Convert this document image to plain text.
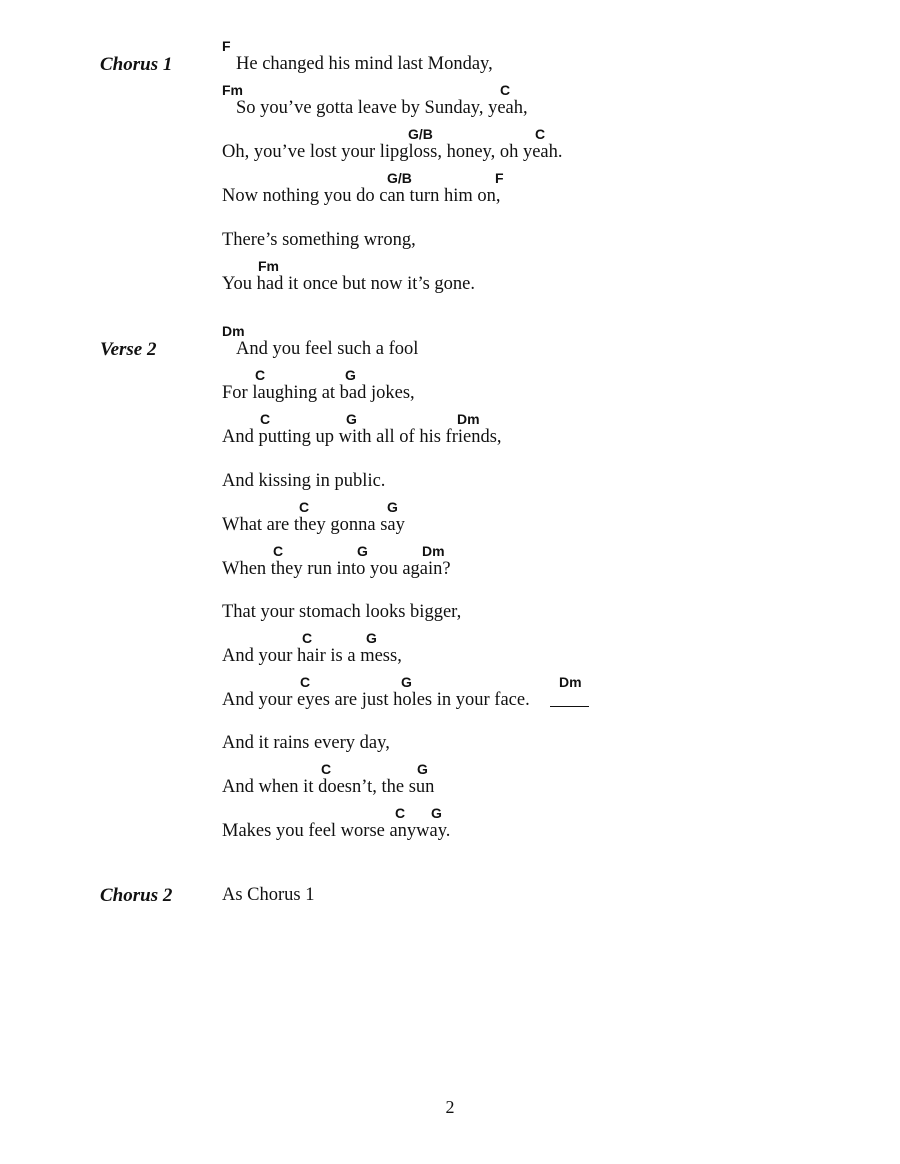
Chorus 1
F
He changed his mind last Monday,
Fm	C
So you’ve gotta leave by Sunday, yeah,
G/B	C
Oh, you’ve lost your lipgloss, honey, oh yeah.
G/B	F
Now nothing you do can turn him on,
There’s something wrong,
Fm
You had it once but now it’s gone.
Verse 2
Dm
And you feel such a fool
C	G
For laughing at bad jokes,
C	G	Dm
And putting up with all of his friends,
And kissing in public.
C	G
What are they gonna say
C	G	Dm
When they run into you again?
That your stomach looks bigger,
C	G
And your hair is a mess,
C	G	Dm
And your eyes are just holes in your face.
And it rains every day,
C	G
And when it doesn’t, the sun
C G
Makes you feel worse anyway.
Chorus 2	As Chorus 1
2
